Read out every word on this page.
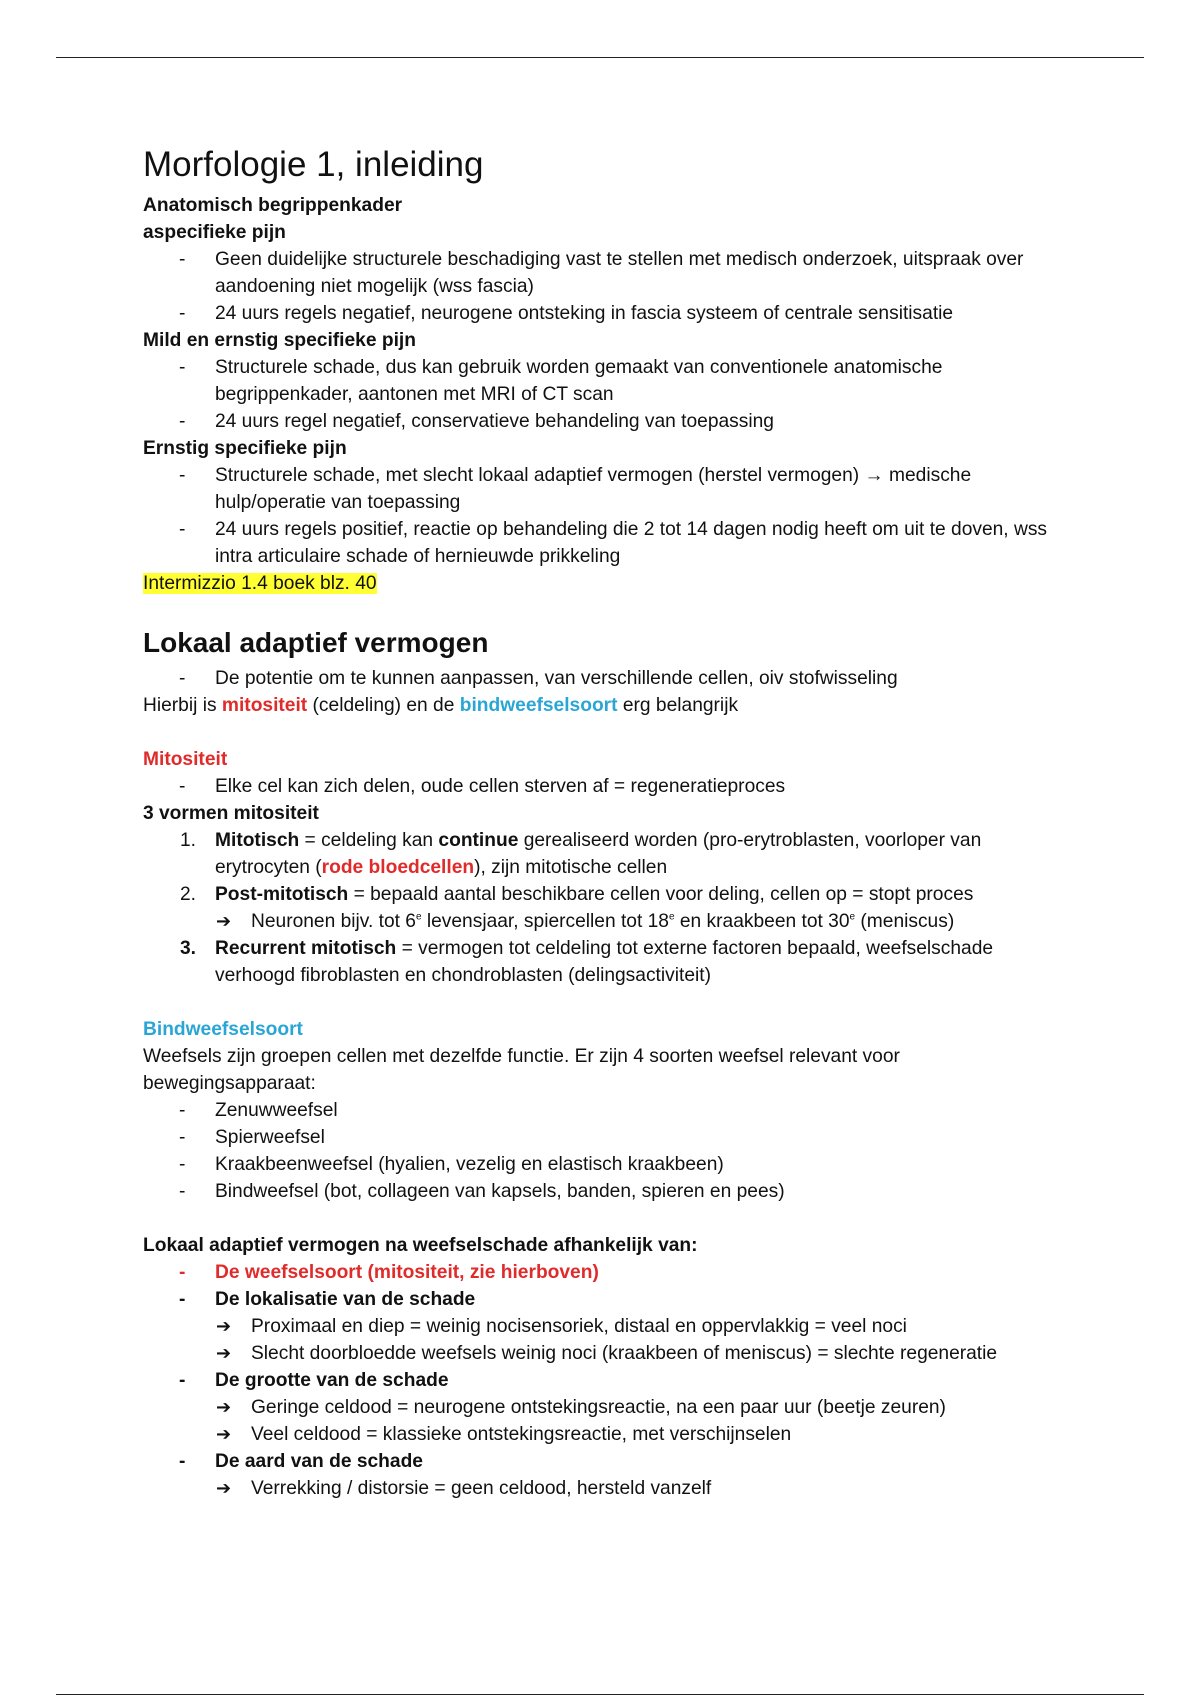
Morfologie 1, inleiding
Anatomisch begrippenkader
aspecifieke pijn
- Geen duidelijke structurele beschadiging vast te stellen met medisch onderzoek, uitspraak over aandoening niet mogelijk (wss fascia)
- 24 uurs regels negatief, neurogene ontsteking in fascia systeem of centrale sensitisatie
Mild en ernstig specifieke pijn
- Structurele schade, dus kan gebruik worden gemaakt van conventionele anatomische begrippenkader, aantonen met MRI of CT scan
- 24 uurs regel negatief, conservatieve behandeling van toepassing
Ernstig specifieke pijn
- Structurele schade, met slecht lokaal adaptief vermogen (herstel vermogen) → medische hulp/operatie van toepassing
- 24 uurs regels positief, reactie op behandeling die 2 tot 14 dagen nodig heeft om uit te doven, wss intra articulaire schade of hernieuwde prikkeling
Intermizzio 1.4 boek blz. 40
Lokaal adaptief vermogen
- De potentie om te kunnen aanpassen, van verschillende cellen, oiv stofwisseling
Hierbij is mitositeit (celdeling) en de bindweefselsoort erg belangrijk
Mitositeit
- Elke cel kan zich delen, oude cellen sterven af = regeneratieproces
3 vormen mitositeit
1. Mitotisch = celdeling kan continue gerealiseerd worden (pro-erytroblasten, voorloper van erytrocyten (rode bloedcellen), zijn mitotische cellen
2. Post-mitotisch = bepaald aantal beschikbare cellen voor deling, cellen op = stopt proces
➔ Neuronen bijv. tot 6e levensjaar, spiercellen tot 18e en kraakbeen tot 30e (meniscus)
3. Recurrent mitotisch = vermogen tot celdeling tot externe factoren bepaald, weefselschade verhoogd fibroblasten en chondroblasten (delingsactiviteit)
Bindweefselsoort
Weefsels zijn groepen cellen met dezelfde functie. Er zijn 4 soorten weefsel relevant voor bewegingsapparaat:
- Zenuwweefsel
- Spierweefsel
- Kraakbeenweefsel (hyalien, vezelig en elastisch kraakbeen)
- Bindweefsel (bot, collageen van kapsels, banden, spieren en pees)
Lokaal adaptief vermogen na weefselschade afhankelijk van:
- De weefselsoort (mitositeit, zie hierboven)
- De lokalisatie van de schade
➔ Proximaal en diep = weinig nocisensoriek, distaal en oppervlakkig = veel noci
➔ Slecht doorbloedde weefsels weinig noci (kraakbeen of meniscus) = slechte regeneratie
- De grootte van de schade
➔ Geringe celdood = neurogene ontstekingsreactie, na een paar uur (beetje zeuren)
➔ Veel celdood = klassieke ontstekingsreactie, met verschijnselen
- De aard van de schade
➔ Verrekking / distorsie = geen celdood, hersteld vanzelf
